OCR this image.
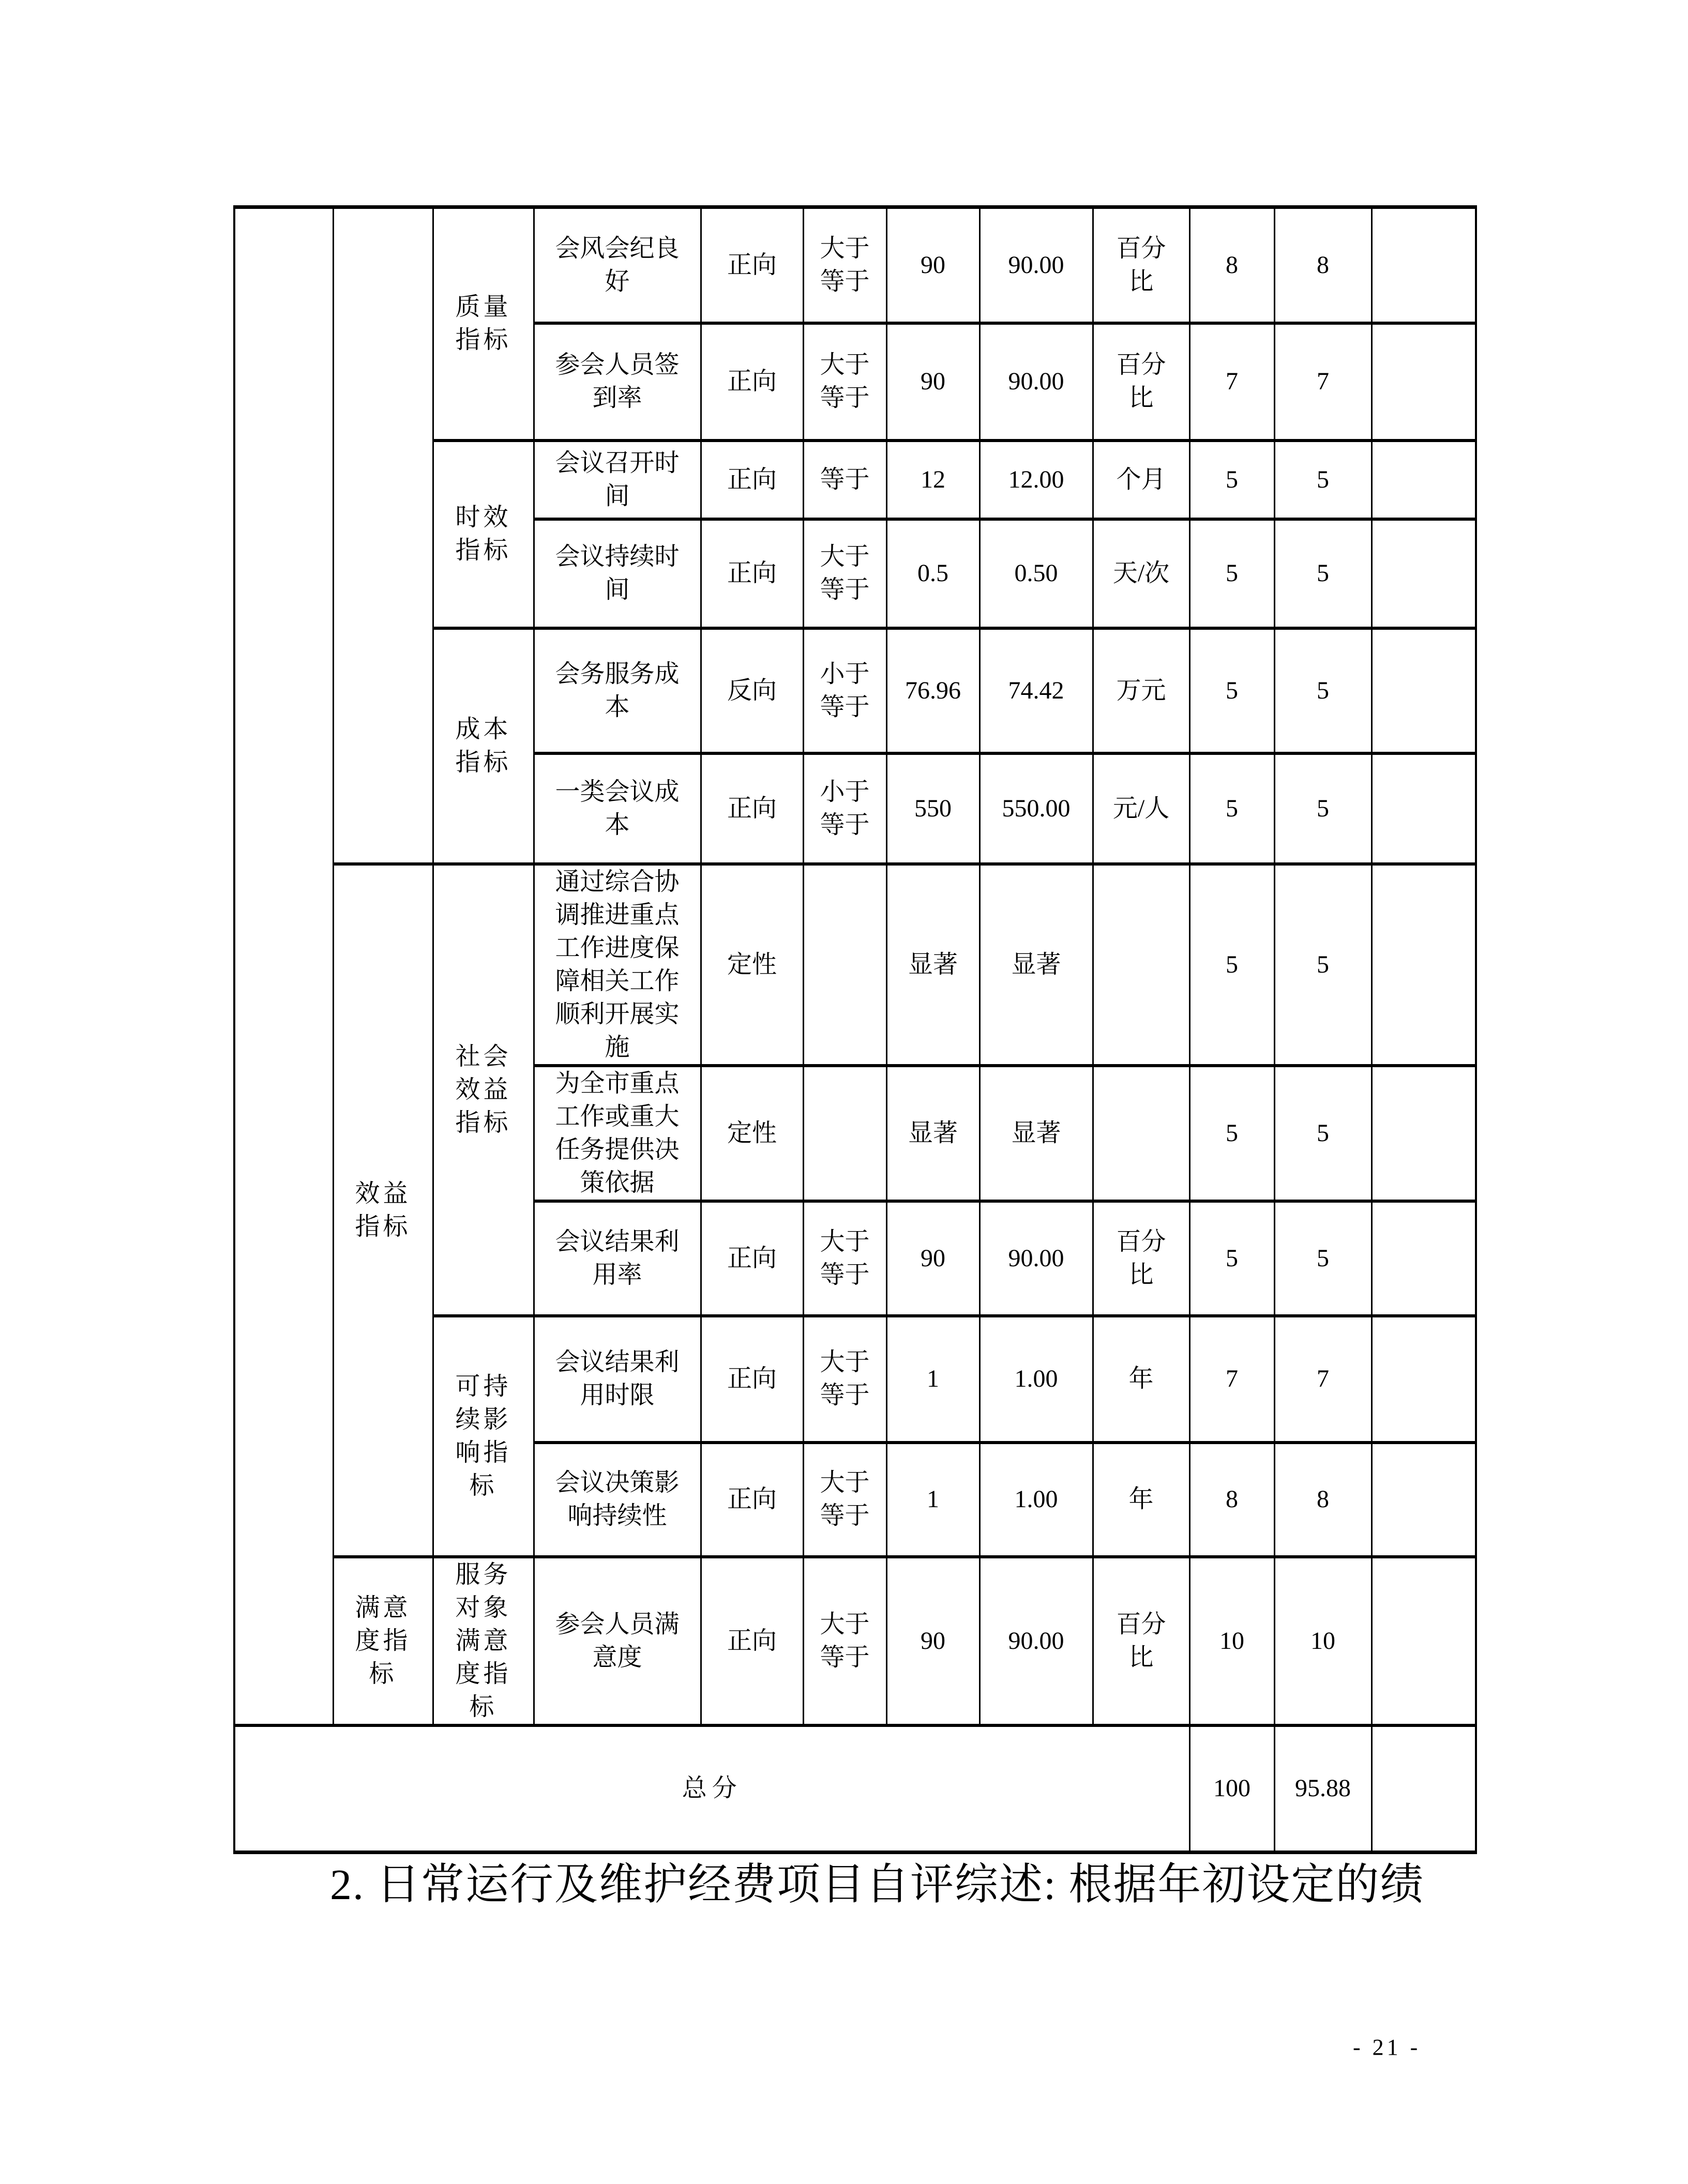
		质量指标	会风会纪良好	正向	大于等于	90	90.00	百分比	8	8	
			参会人员签到率	正向	大于等于	90	90.00	百分比	7	7	
		时效指标	会议召开时间	正向	等于	12	12.00	个月	5	5	
			会议持续时间	正向	大于等于	0.5	0.50	天/次	5	5	
		成本指标	会务服务成本	反向	小于等于	76.96	74.42	万元	5	5	
			一类会议成本	正向	小于等于	550	550.00	元/人	5	5	
	效益指标	社会效益指标	通过综合协调推进重点工作进度保障相关工作顺利开展实施	定性		显著	显著		5	5	
			为全市重点工作或重大任务提供决策依据	定性		显著	显著		5	5	
			会议结果利用率	正向	大于等于	90	90.00	百分比	5	5	
		可持续影响指标	会议结果利用时限	正向	大于等于	1	1.00	年	7	7	
			会议决策影响持续性	正向	大于等于	1	1.00	年	8	8	
	满意度指标	服务对象满意度指标	参会人员满意度	正向	大于等于	90	90.00	百分比	10	10	
总分									100	95.88	
2. 日常运行及维护经费项目自评综述: 根据年初设定的绩
- 21 -
